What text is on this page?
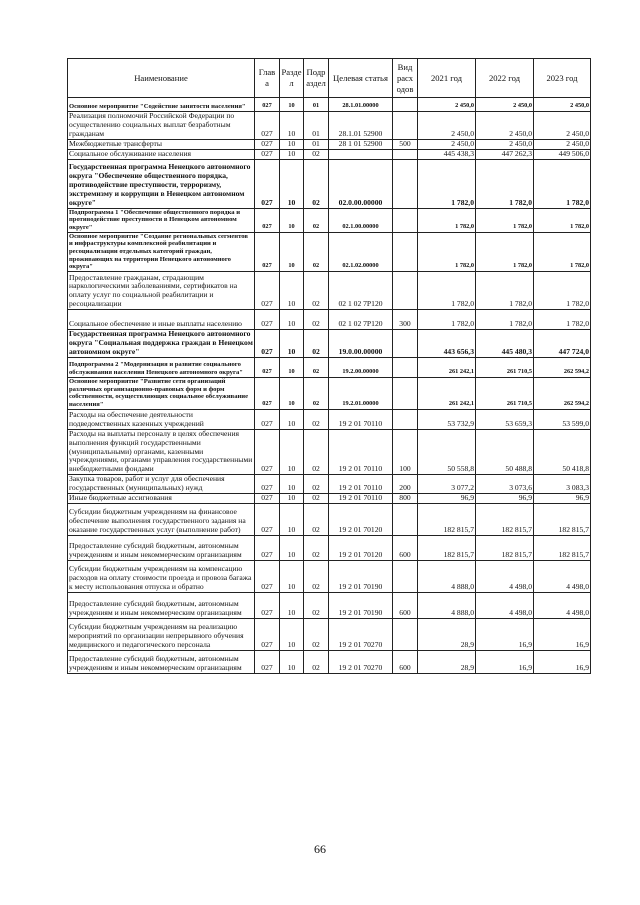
Наименование	Глав а	Разде л	Подр аздел	Целевая статья	Вид расх одов	2021 год	2022 год	2023 год
Основное мероприятие "Содействие занятости населения"	027	10	01	28.1.01.00000		2 450,0	2 450,0	2 450,0
Реализация полномочий Российской Федерации по осуществлению социальных выплат безработным гражданам	027	10	01	28.1.01 52900		2 450,0	2 450,0	2 450,0
Межбюджетные трансферты	027	10	01	28 1 01 52900	500	2 450,0	2 450,0	2 450,0
Социальное обслуживание населения	027	10	02			445 438,3	447 262,3	449 506,0
Государственная программа Ненецкого автономного округа "Обеспечение общественного порядка, противодействие преступности, терроризму, экстремизму и коррупции в Ненецком автономном округе"	027	10	02	02.0.00.00000		1 782,0	1 782,0	1 782,0
Подпрограмма 1 "Обеспечение общественного порядка и противодействие преступности в Ненецком автономном округе"	027	10	02	02.1.00.00000		1 782,0	1 782,0	1 782,0
Основное мероприятие "Создание региональных сегментов и инфраструктуры комплексной реабилитации и ресоциализации отдельных категорий граждан, проживающих на территории Ненецкого автономного округа"	027	10	02	02.1.02.00000		1 782,0	1 782,0	1 782,0
Предоставление гражданам, страдающим наркологическими заболеваниями, сертификатов на оплату услуг по социальной реабилитации и ресоциализации	027	10	02	02 1 02 7Р120		1 782,0	1 782,0	1 782,0
Социальное обеспечение и иные выплаты населению	027	10	02	02 1 02 7Р120	300	1 782,0	1 782,0	1 782,0
Государственная программа Ненецкого автономного округа "Социальная поддержка граждан в Ненецком автономном округе"	027	10	02	19.0.00.00000		443 656,3	445 480,3	447 724,0
Подпрограмма 2 "Модернизация и развитие социального обслуживания населения Ненецкого автономного округа"	027	10	02	19.2.00.00000		261 242,1	261 710,5	262 594,2
Основное мероприятие "Развитие сети организаций различных организационно-правовых форм и форм собственности, осуществляющих социальное обслуживание населения"	027	10	02	19.2.01.00000		261 242,1	261 710,5	262 594,2
Расходы на обеспечение деятельности подведомственных казенных учреждений	027	10	02	19 2 01 70110		53 732,9	53 659,3	53 599,0
Расходы на выплаты персоналу в целях обеспечения выполнения функций государственными (муниципальными) органами, казенными учреждениями, органами управления государственными внебюджетными фондами	027	10	02	19 2 01 70110	100	50 558,8	50 488,8	50 418,8
Закупка товаров, работ и услуг для обеспечения государственных (муниципальных) нужд	027	10	02	19 2 01 70110	200	3 077,2	3 073,6	3 083,3
Иные бюджетные ассигнования	027	10	02	19 2 01 70110	800	96,9	96,9	96,9
Субсидии бюджетным учреждениям на финансовое обеспечение выполнения государственного задания на оказание государственных услуг (выполнение работ)	027	10	02	19 2 01 70120		182 815,7	182 815,7	182 815,7
Предоставление субсидий бюджетным, автономным учреждениям и иным некоммерческим организациям	027	10	02	19 2 01 70120	600	182 815,7	182 815,7	182 815,7
Субсидии бюджетным учреждениям на компенсацию расходов на оплату стоимости проезда и провоза багажа к месту использования отпуска и обратно	027	10	02	19 2 01 70190		4 888,0	4 498,0	4 498,0
Предоставление субсидий бюджетным, автономным учреждениям и иным некоммерческим организациям	027	10	02	19 2 01 70190	600	4 888,0	4 498,0	4 498,0
Субсидии бюджетным учреждениям на реализацию мероприятий по организации непрерывного обучения медицинского и педагогического персонала	027	10	02	19 2 01 70270		28,9	16,9	16,9
Предоставление субсидий бюджетным, автономным учреждениям и иным некоммерческим организациям	027	10	02	19 2 01 70270	600	28,9	16,9	16,9
66
